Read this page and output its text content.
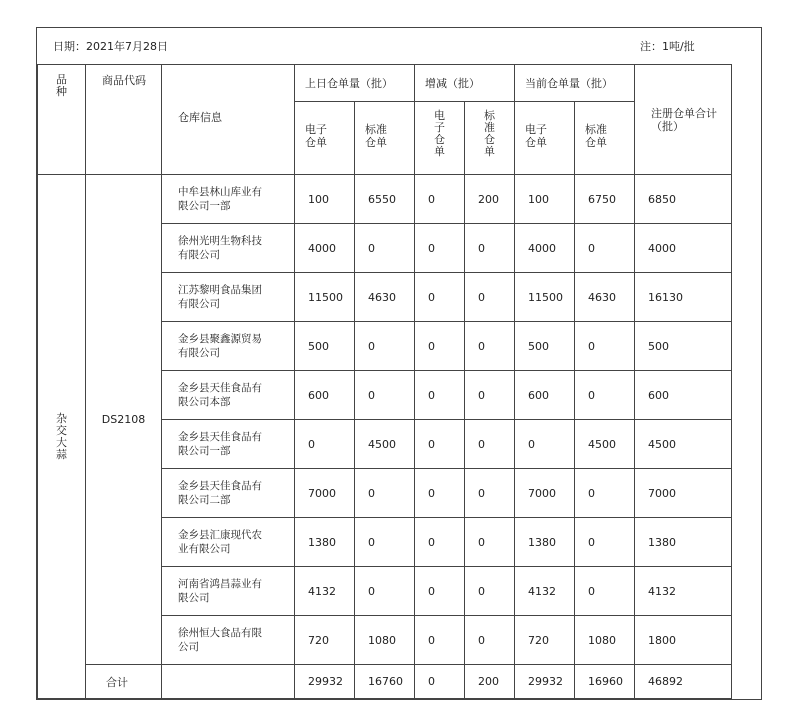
日期：2021年7月28日	注：1吨/批
品种	商品代码	仓库信息	上日仓单量（批）		增减（批）		当前仓单量（批）		注册仓单合计（批）
			电子仓单	标准仓单	电子仓单	标准仓单	电子仓单	标准仓单	
杂交大蒜	DS2108	中牟县林山库业有限公司一部	100	6550	0	200	100	6750	6850
		徐州光明生物科技有限公司	4000	0	0	0	4000	0	4000
		江苏黎明食品集团有限公司	11500	4630	0	0	11500	4630	16130
		金乡县聚鑫源贸易有限公司	500	0	0	0	500	0	500
		金乡县天佳食品有限公司本部	600	0	0	0	600	0	600
		金乡县天佳食品有限公司一部	0	4500	0	0	0	4500	4500
		金乡县天佳食品有限公司二部	7000	0	0	0	7000	0	7000
		金乡县汇康现代农业有限公司	1380	0	0	0	1380	0	1380
		河南省鸿昌蒜业有限公司	4132	0	0	0	4132	0	4132
		徐州恒大食品有限公司	720	1080	0	0	720	1080	1800
	合计		29932	16760	0	200	29932	16960	46892
